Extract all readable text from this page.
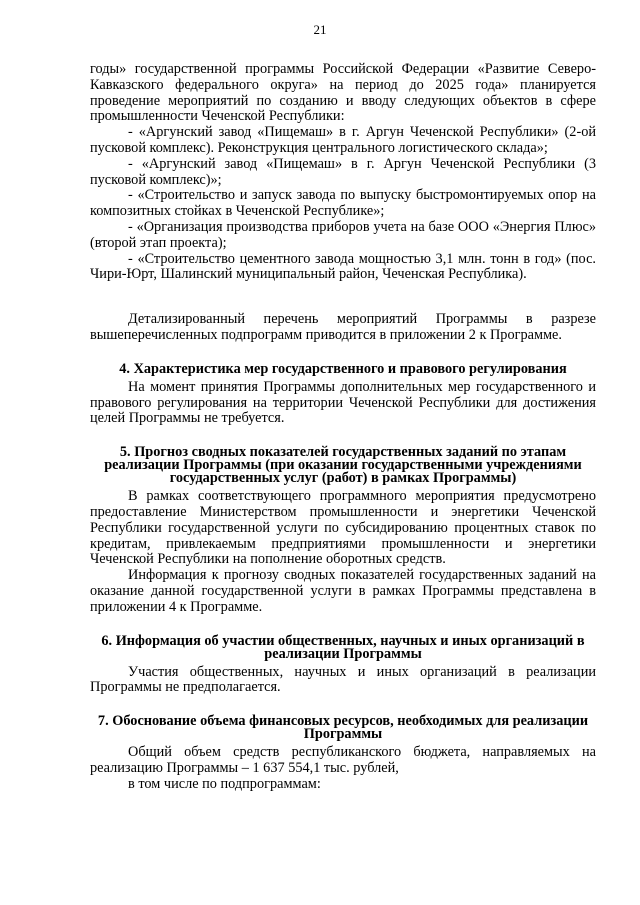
21

годы» государственной программы Российской Федерации «Развитие Северо-Кавказского федерального округа» на период до 2025 года» планируется проведение мероприятий по созданию и вводу следующих объектов в сфере промышленности Чеченской Республики:

- «Аргунский завод «Пищемаш» в г. Аргун Чеченской Республики» (2-ой пусковой комплекс). Реконструкция центрального логистического склада»;

- «Аргунский завод «Пищемаш» в г. Аргун Чеченской Республики (3 пусковой комплекс)»;

- «Строительство и запуск завода по выпуску быстромонтируемых опор на композитных стойках в Чеченской Республике»;

- «Организация производства приборов учета на базе ООО «Энергия Плюс» (второй этап проекта);

- «Строительство цементного завода мощностью 3,1 млн. тонн в год» (пос. Чири-Юрт, Шалинский муниципальный район, Чеченская Республика).

Детализированный перечень мероприятий Программы в разрезе вышеперечисленных подпрограмм приводится в приложении 2 к Программе.

4. Характеристика мер государственного и правового регулирования

На момент принятия Программы дополнительных мер государственного и правового регулирования на территории Чеченской Республики для достижения целей Программы не требуется.

5. Прогноз сводных показателей государственных заданий по этапам реализации Программы (при оказании государственными учреждениями государственных услуг (работ) в рамках Программы)

В рамках соответствующего программного мероприятия предусмотрено предоставление Министерством промышленности и энергетики Чеченской Республики государственной услуги по субсидированию процентных ставок по кредитам, привлекаемым предприятиями промышленности и энергетики Чеченской Республики на пополнение оборотных средств.

Информация к прогнозу сводных показателей государственных заданий на оказание данной государственной услуги в рамках Программы представлена в приложении 4 к Программе.

6. Информация об участии общественных, научных и иных организаций в реализации Программы

Участия общественных, научных и иных организаций в реализации Программы не предполагается.

7. Обоснование объема финансовых ресурсов, необходимых для реализации Программы

Общий объем средств республиканского бюджета, направляемых на реализацию Программы – 1 637 554,1 тыс. рублей,

в том числе по подпрограммам:
